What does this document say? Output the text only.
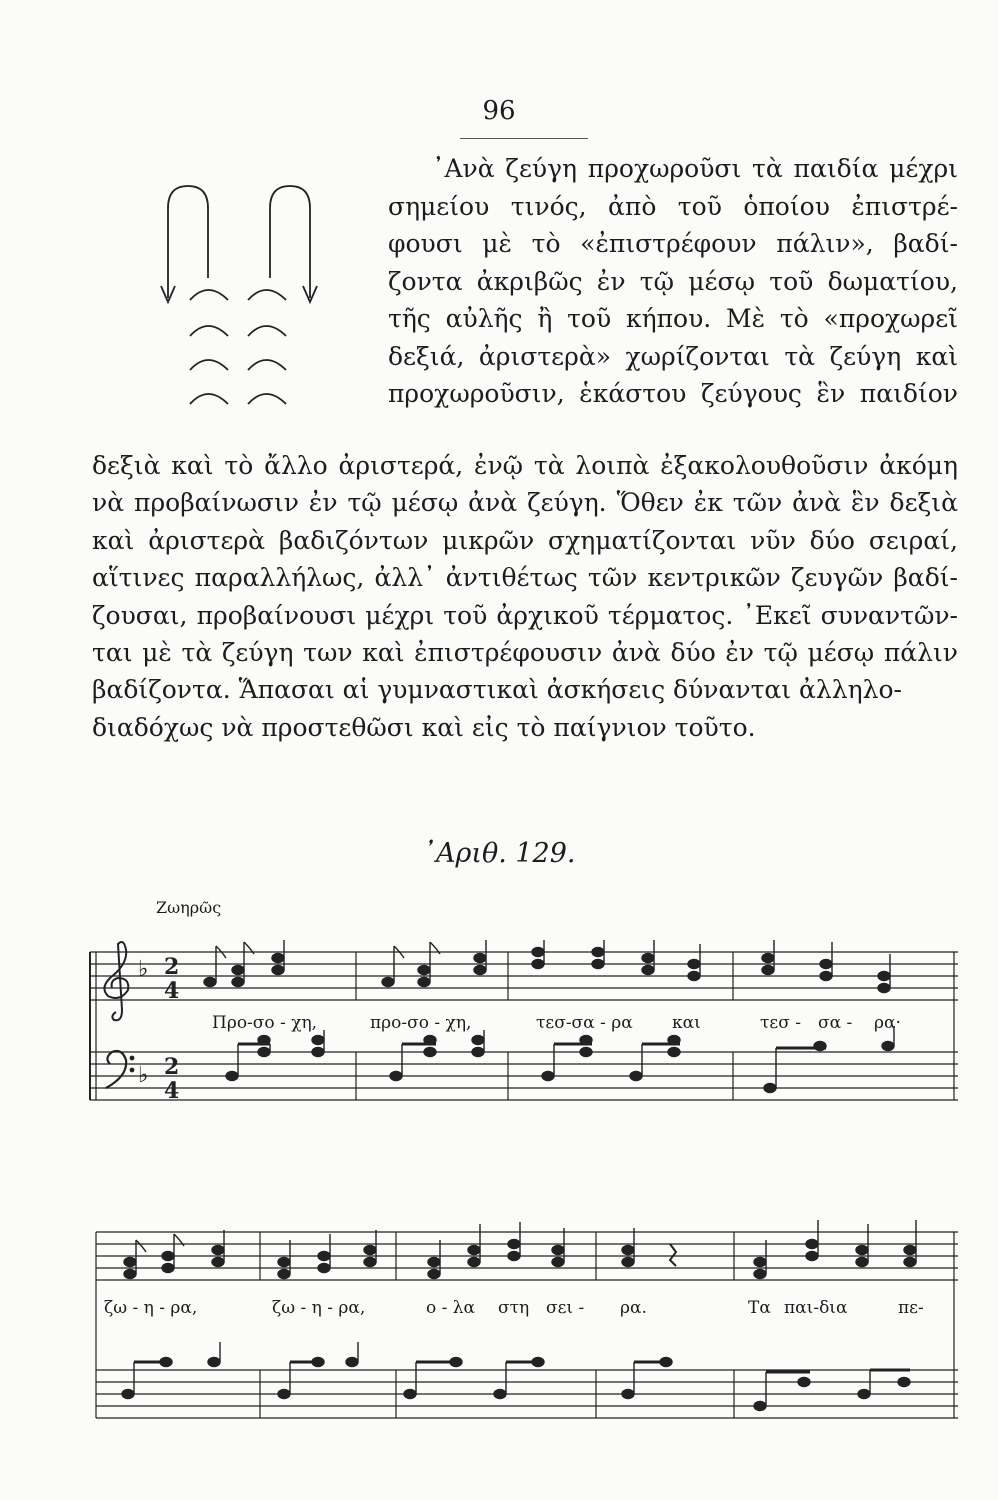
96
᾿Ανὰ ζεύγη προχωροῦσι τὰ παιδία μέχρι
σημείου τινός, ἀπὸ τοῦ ὁποίου ἐπιστρέ-
φουσι μὲ τὸ «ἐπιστρέφουν πάλιν», βαδί-
ζοντα ἀκριβῶς ἐν τῷ μέσῳ τοῦ δωματίου,
τῆς αὐλῆς ἢ τοῦ κήπου. Μὲ τὸ «προχωρεῖ
δεξιά, ἀριστερὰ» χωρίζονται τὰ ζεύγη καὶ
προχωροῦσιν, ἑκάστου ζεύγους ἓν παιδίον
δεξιὰ καὶ τὸ ἄλλο ἀριστερά, ἐνῷ τὰ λοιπὰ ἐξακολουθοῦσιν ἀκόμη
νὰ προβαίνωσιν ἐν τῷ μέσῳ ἀνὰ ζεύγη. Ὅθεν ἐκ τῶν ἀνὰ ἓν δεξιὰ
καὶ ἀριστερὰ βαδιζόντων μικρῶν σχηματίζονται νῦν δύο σειραί,
αἵτινες παραλλήλως, ἀλλ᾿ ἀντιθέτως τῶν κεντρικῶν ζευγῶν βαδί-
ζουσαι, προβαίνουσι μέχρι τοῦ ἀρχικοῦ τέρματος. ᾿Εκεῖ συναντῶν-
ται μὲ τὰ ζεύγη των καὶ ἐπιστρέφουσιν ἀνὰ δύο ἐν τῷ μέσῳ πάλιν
βαδίζοντα. Ἅπασαι αἱ γυμναστικαὶ ἀσκήσεις δύνανται ἀλληλο-
διαδόχως νὰ προστεθῶσι καὶ εἰς τὸ παίγνιον τοῦτο.
᾿Αριθ. 129.
Ζωηρῶς
♭
♭
2
4
2
4
Προ-σο - χη,	προ-σο - χη,	τεσ-σα - ρα και	τεσ - σα - ρα·
ζω - η - ρα,	ζω - η - ρα,	ο - λα στη σει - ρα.	Τα παι-δια	πε-
